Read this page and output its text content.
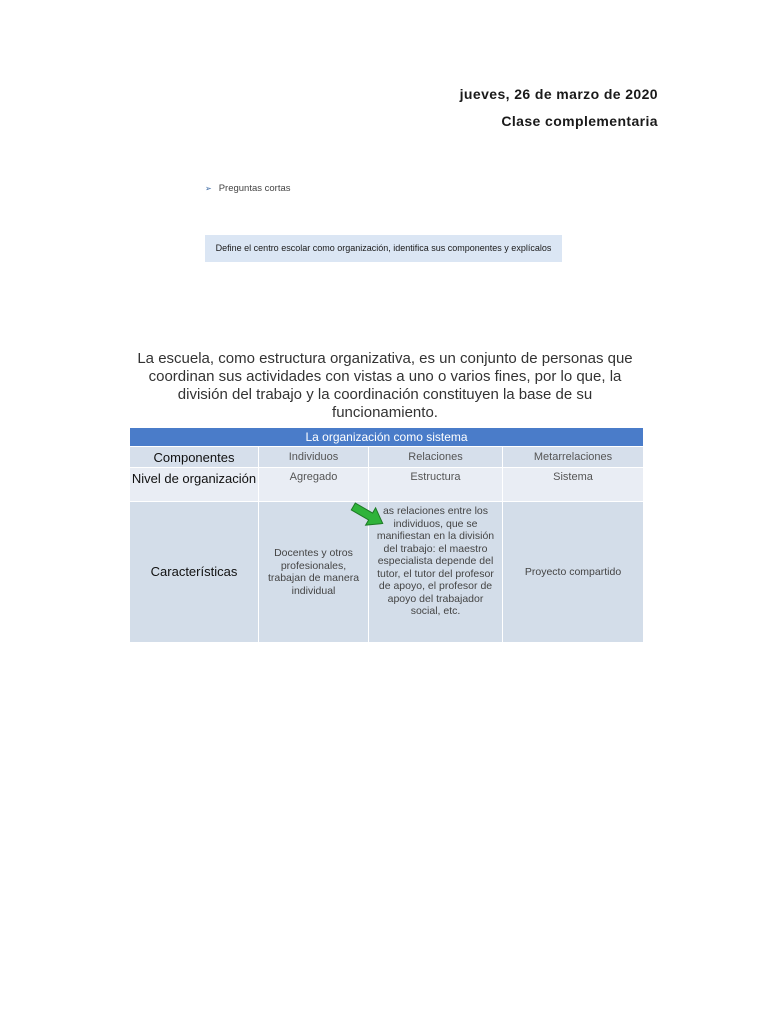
jueves, 26 de marzo de 2020
Clase complementaria
➢ Preguntas cortas
Define el centro escolar como organización, identifica sus componentes y explícalos
La escuela, como estructura organizativa, es un conjunto de personas que coordinan sus actividades con vistas a uno o varios fines, por lo que, la división del trabajo y la coordinación constituyen la base de su funcionamiento.
La organización como sistema			
Componentes	Individuos	Relaciones	Metarrelaciones
Nivel de organización	Agregado	Estructura	Sistema
Características	Docentes y otros profesionales, trabajan de manera individual	as relaciones entre los individuos, que se manifiestan en la división del trabajo: el maestro especialista depende del tutor, el tutor del profesor de apoyo, el profesor de apoyo del trabajador social, etc.	Proyecto compartido
